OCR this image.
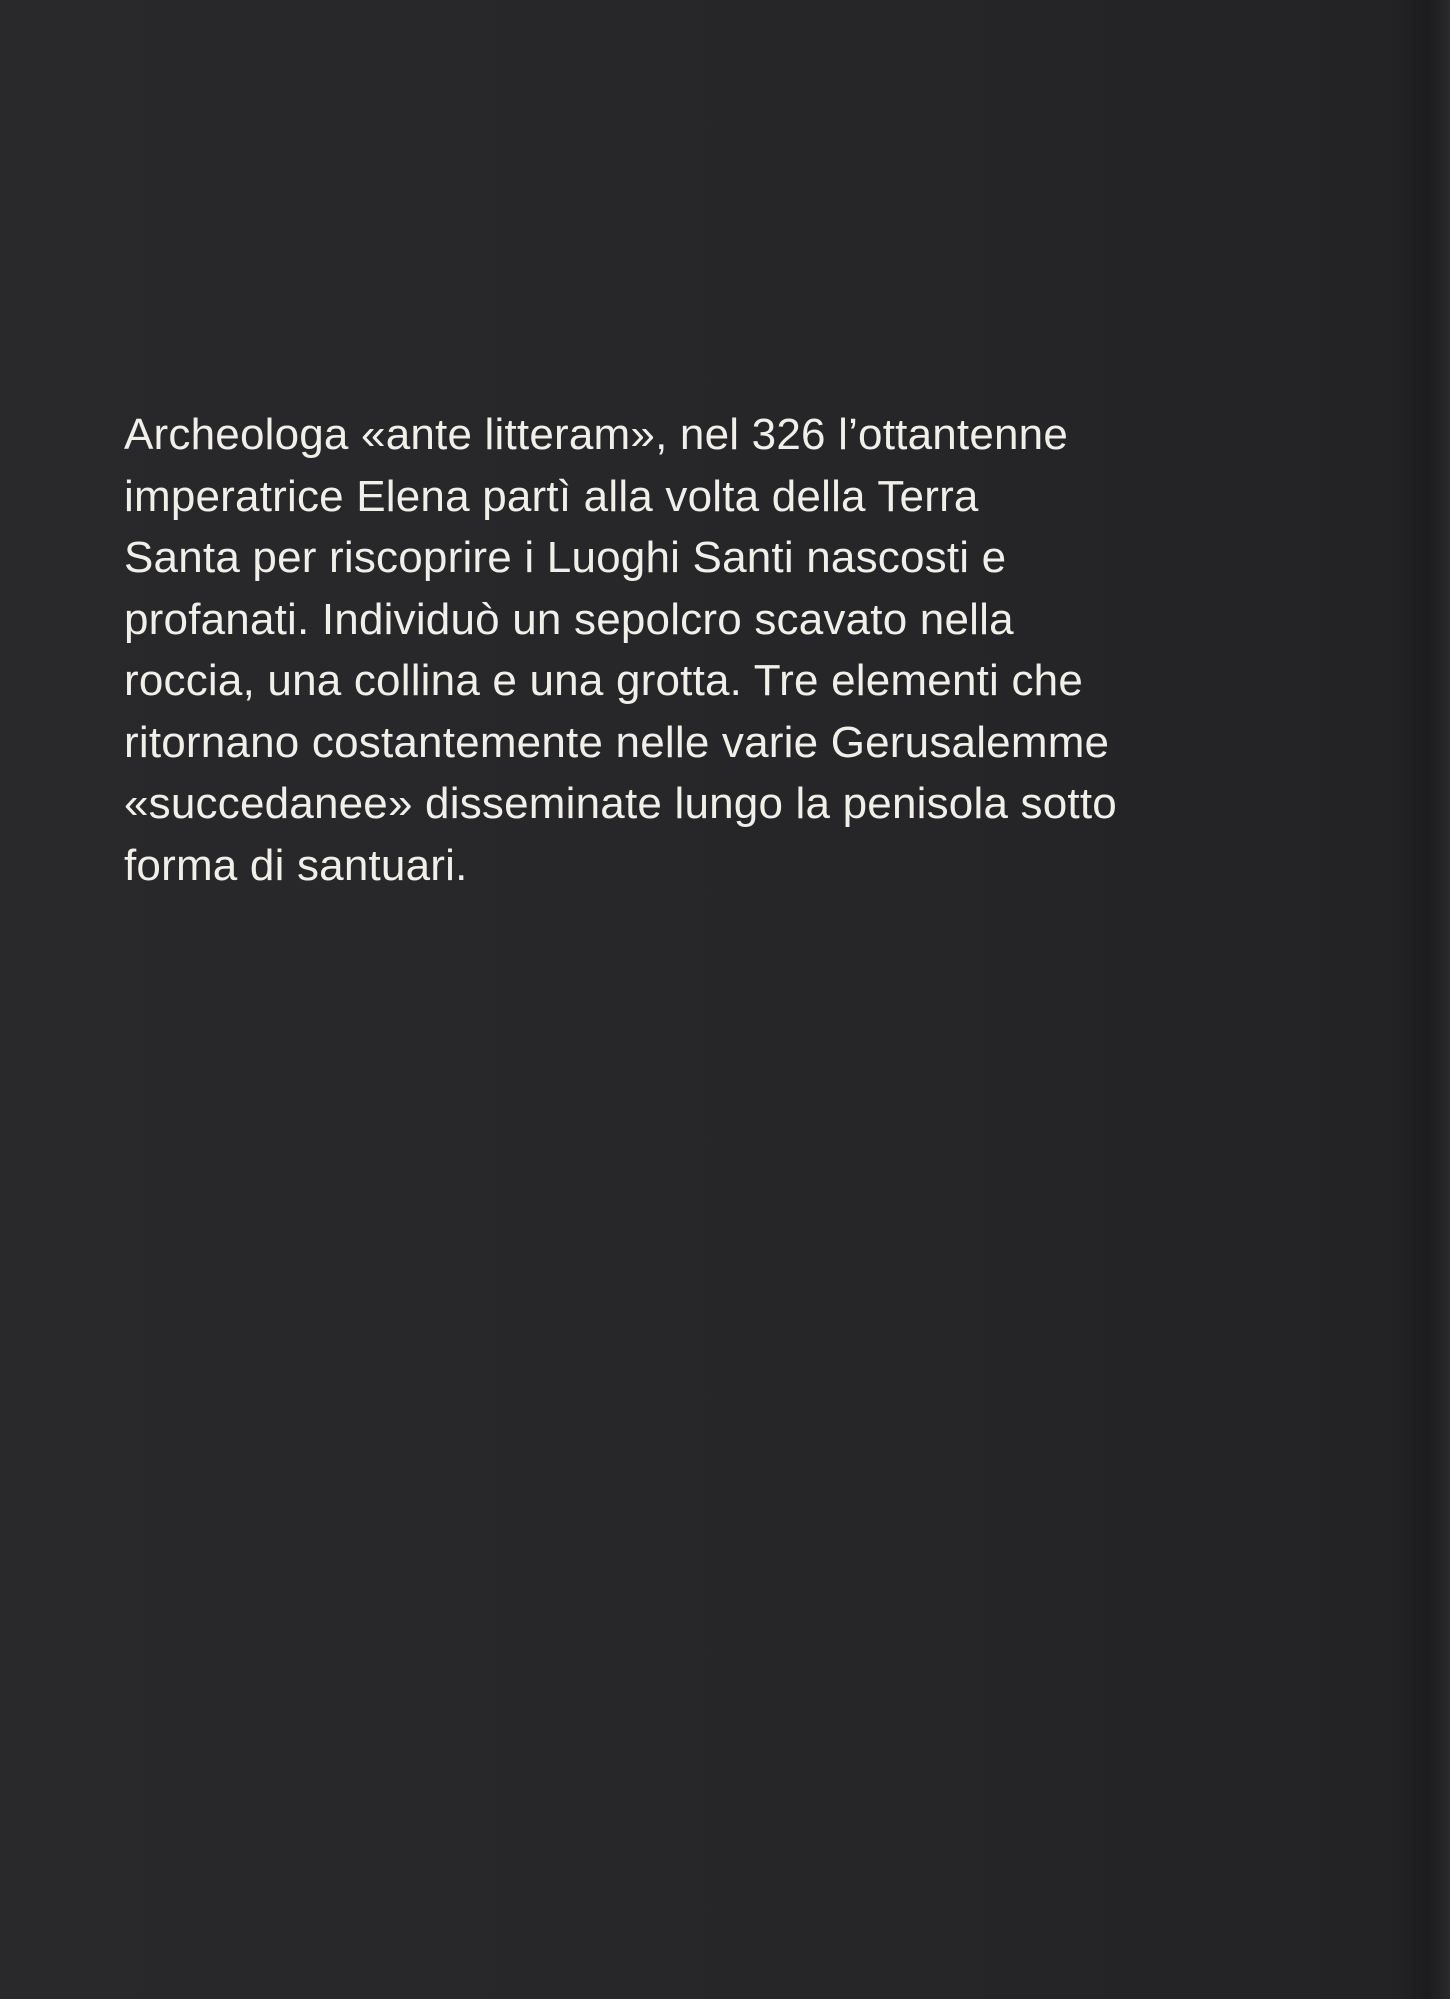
Archeologa «ante litteram», nel 326 l’ottantenne
imperatrice Elena partì alla volta della Terra
Santa per riscoprire i Luoghi Santi nascosti e
profanati. Individuò un sepolcro scavato nella
roccia, una collina e una grotta. Tre elementi che
ritornano costantemente nelle varie Gerusalemme
«succedanee» disseminate lungo la penisola sotto
forma di santuari.
